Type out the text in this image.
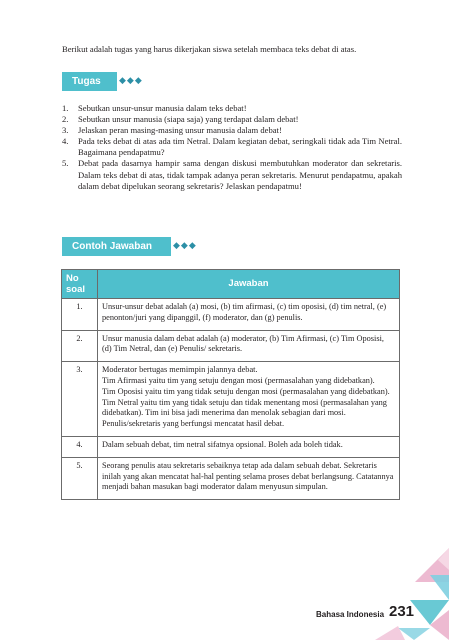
Berikut adalah tugas yang harus dikerjakan siswa setelah membaca teks debat di atas.
Tugas	◆◆◆
1.	Sebutkan unsur-unsur manusia dalam teks debat!
2.	Sebutkan unsur manusia (siapa saja) yang terdapat dalam debat!
3.	Jelaskan peran masing-masing unsur manusia dalam debat!
4.	Pada teks debat di atas ada tim Netral. Dalam kegiatan debat, seringkali tidak ada Tim Netral. Bagaimana pendapatmu?
5.	Debat pada dasarnya hampir sama dengan diskusi membutuhkan moderator dan sekretaris. Dalam teks debat di atas, tidak tampak adanya peran sekretaris. Menurut pendapatmu, apakah dalam debat dipelukan seorang sekretaris? Jelaskan pendapatmu!
Contoh Jawaban	◆◆◆
No soal	Jawaban
1.	Unsur-unsur debat adalah (a) mosi, (b) tim afirmasi, (c) tim oposisi, (d) tim netral, (e) penonton/juri yang dipanggil, (f) moderator, dan (g) penulis.

2.	Unsur manusia dalam debat adalah (a) moderator, (b) Tim Afirmasi, (c) Tim Oposisi, (d) Tim Netral, dan (e) Penulis/ sekretaris.

3.	Moderator bertugas memimpin jalannya debat.

Tim Afirmasi yaitu tim yang setuju dengan mosi (permasalahan yang didebatkan).

Tim Oposisi yaitu tim yang tidak setuju dengan mosi (permasalahan yang didebatkan).

Tim Netral yaitu tim yang tidak setuju dan tidak menentang mosi (permasalahan yang didebatkan). Tim ini bisa jadi menerima dan menolak sebagian dari mosi.

Penulis/sekretaris yang berfungsi mencatat hasil debat.

4.	Dalam sebuah debat, tim netral sifatnya opsional. Boleh ada boleh tidak.

5.	Seorang penulis atau sekretaris sebaiknya tetap ada dalam sebuah debat. Sekretaris inilah yang akan mencatat hal-hal penting selama proses debat berlangsung. Catatannya menjadi bahan masukan bagi moderator dalam menyusun simpulan.

Bahasa Indonesia 231
